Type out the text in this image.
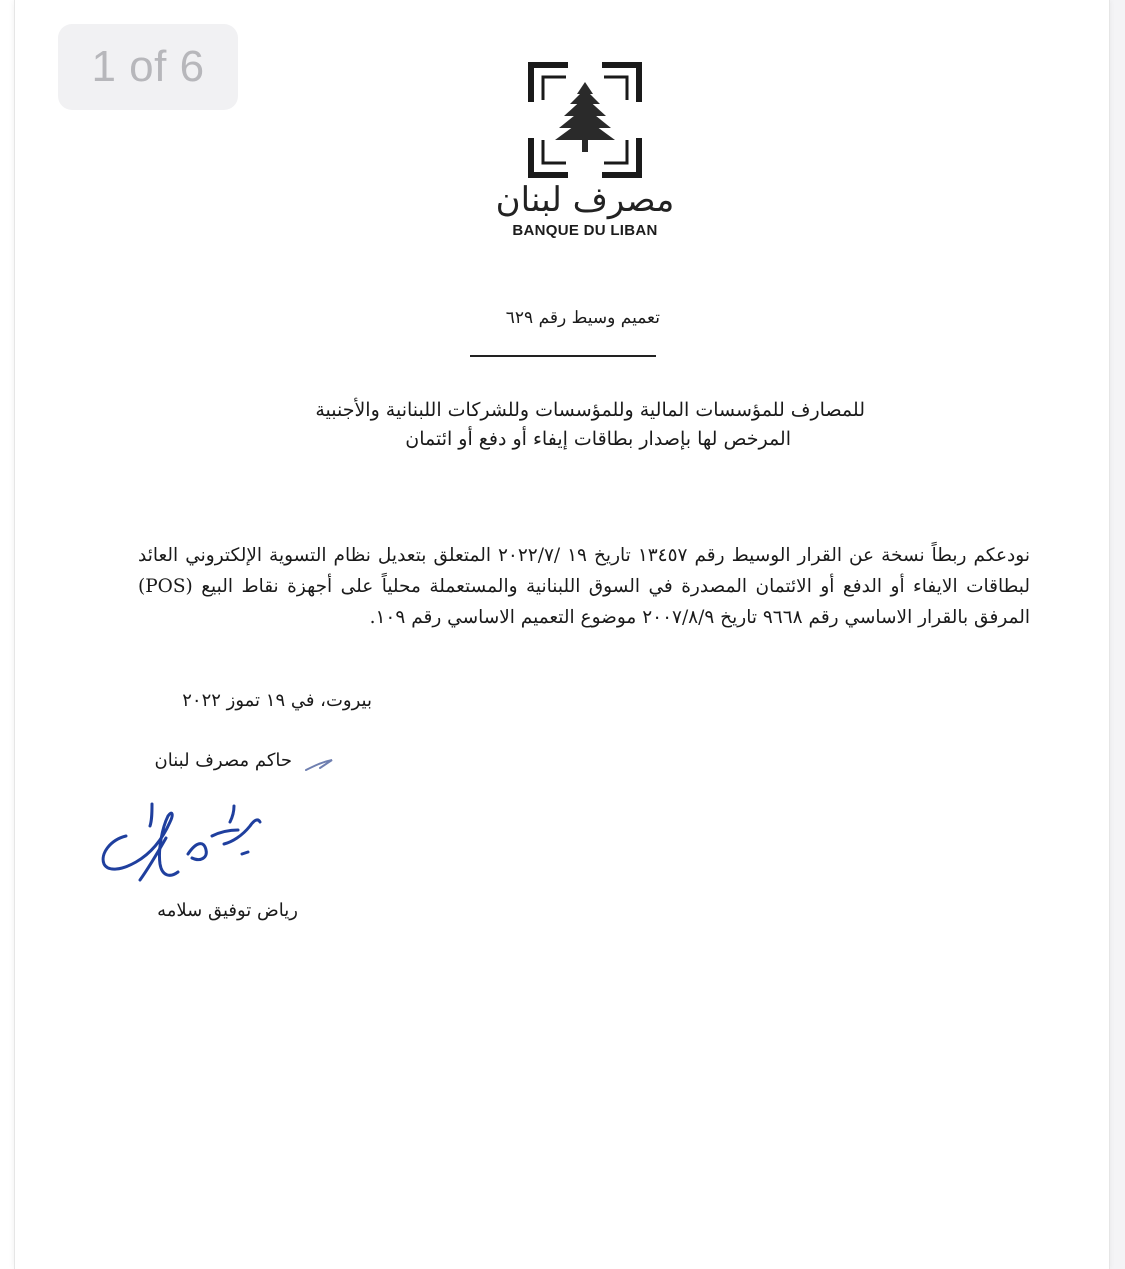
1 of 6
مصرف لبنان
BANQUE DU LIBAN
تعميم وسيط رقم ٦٢٩
للمصارف للمؤسسات المالية وللمؤسسات وللشركات اللبنانية والأجنبية
المرخص لها بإصدار بطاقات إيفاء أو دفع أو ائتمان
نودعكم ربطاً نسخة عن القرار الوسيط رقم ١٣٤٥٧ تاريخ ١٩ /٢٠٢٢/٧ المتعلق بتعديل نظام التسوية الإلكتروني العائد لبطاقات الايفاء أو الدفع أو الائتمان المصدرة في السوق اللبنانية والمستعملة محلياً على أجهزة نقاط البيع (POS) المرفق بالقرار الاساسي رقم ٩٦٦٨ تاريخ ٢٠٠٧/٨/٩ موضوع التعميم الاساسي رقم ١٠٩.
بيروت، في ١٩ تموز ٢٠٢٢
حاكم مصرف لبنان
رياض توفيق سلامه
